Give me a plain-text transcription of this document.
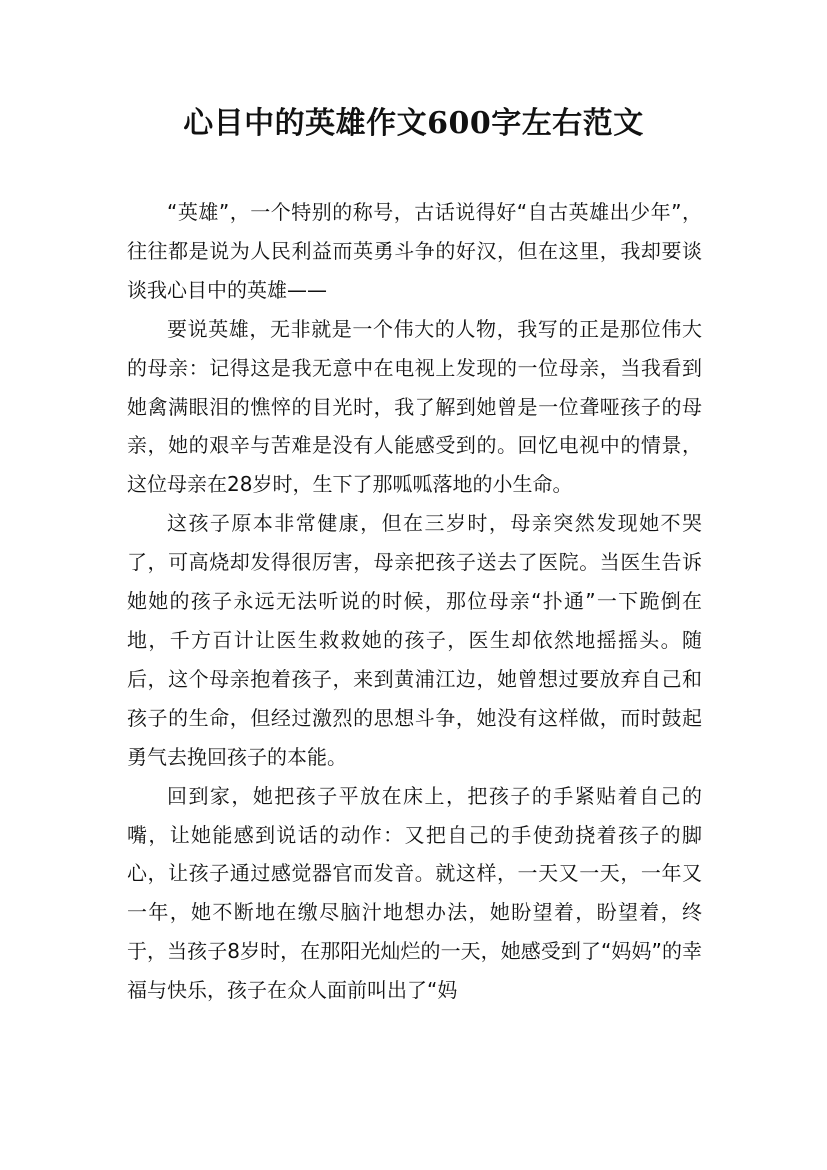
心目中的英雄作文600字左右范文

“英雄”，一个特别的称号，古话说得好“自古英雄出少年”，往往都是说为人民利益而英勇斗争的好汉，但在这里，我却要谈谈我心目中的英雄——

要说英雄，无非就是一个伟大的人物，我写的正是那位伟大的母亲：记得这是我无意中在电视上发现的一位母亲，当我看到她禽满眼泪的憔悴的目光时，我了解到她曾是一位聋哑孩子的母亲，她的艰辛与苦难是没有人能感受到的。回忆电视中的情景，这位母亲在28岁时，生下了那呱呱落地的小生命。

这孩子原本非常健康，但在三岁时，母亲突然发现她不哭了，可高烧却发得很厉害，母亲把孩子送去了医院。当医生告诉她她的孩子永远无法听说的时候，那位母亲“扑通”一下跪倒在地，千方百计让医生救救她的孩子，医生却依然地摇摇头。随后，这个母亲抱着孩子，来到黄浦江边，她曾想过要放弃自己和孩子的生命，但经过激烈的思想斗争，她没有这样做，而时鼓起勇气去挽回孩子的本能。

回到家，她把孩子平放在床上，把孩子的手紧贴着自己的嘴，让她能感到说话的动作：又把自己的手使劲挠着孩子的脚心，让孩子通过感觉器官而发音。就这样，一天又一天，一年又一年，她不断地在缴尽脑汁地想办法，她盼望着，盼望着，终于，当孩子8岁时，在那阳光灿烂的一天，她感受到了“妈妈”的幸福与快乐，孩子在众人面前叫出了“妈
